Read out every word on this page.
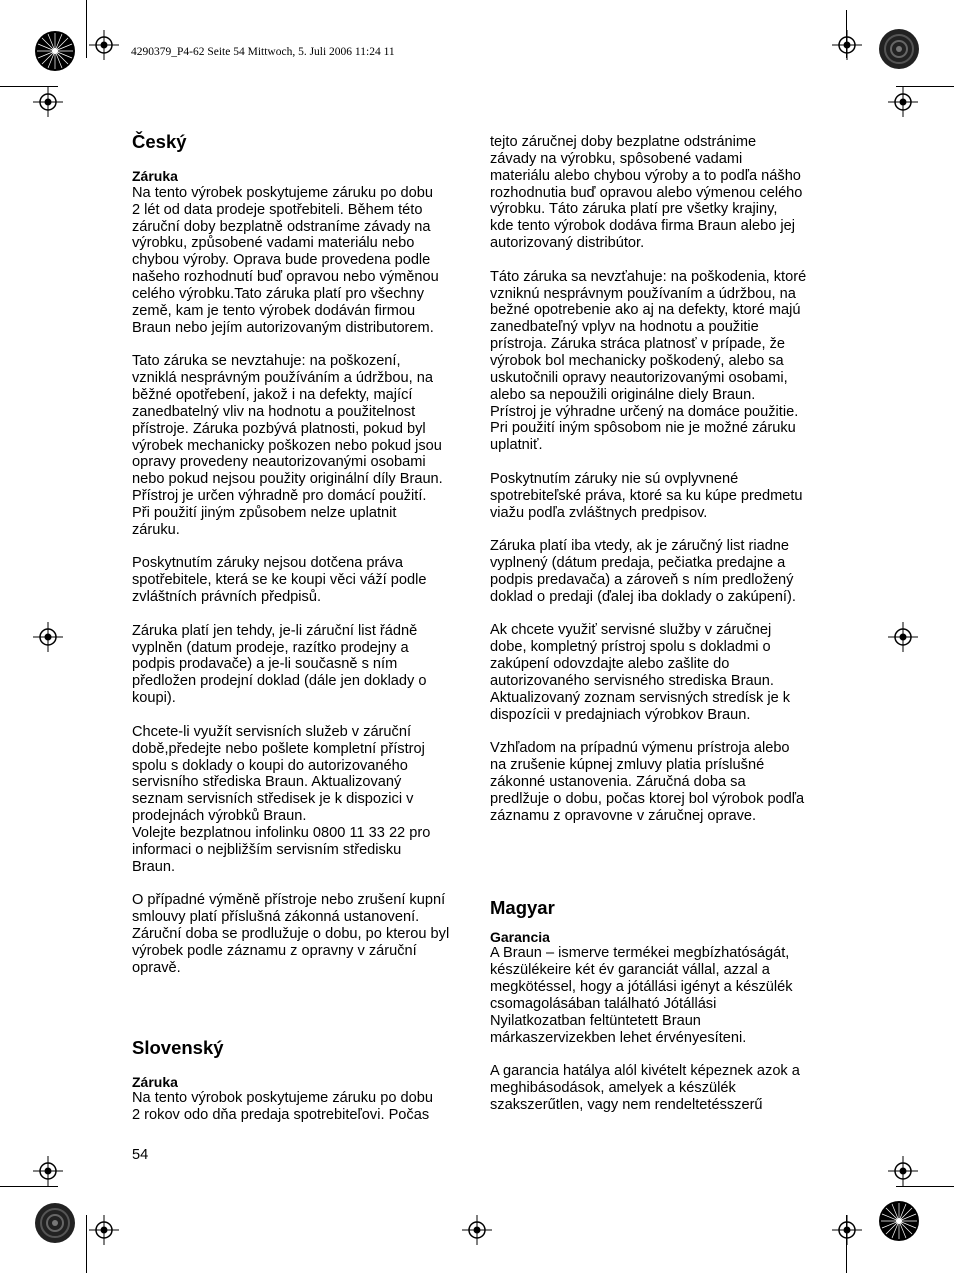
4290379_P4-62 Seite 54 Mittwoch, 5. Juli 2006 11:24 11
Český
Záruka
Na tento výrobek poskytujeme záruku po dobu
2 lét od data prodeje spotřebiteli. Během této
záruční doby bezplatně odstraníme závady na
výrobku, způsobené vadami materiálu nebo
chybou výroby. Oprava bude provedena podle
našeho rozhodnutí buď opravou nebo výměnou
celého výrobku.Tato záruka platí pro všechny
země, kam je tento výrobek dodáván firmou
Braun nebo jejím autorizovaným distributorem.
Tato záruka se nevztahuje: na poškození,
vzniklá nesprávným používáním a údržbou, na
běžné opotřebení, jakož i na defekty, mající
zanedbatelný vliv na hodnotu a použitelnost
přístroje. Záruka pozbývá platnosti, pokud byl
výrobek mechanicky poškozen nebo pokud jsou
opravy provedeny neautorizovanými osobami
nebo pokud nejsou použity originální díly Braun.
Přístroj je určen výhradně pro domácí použití.
Při použití jiným způsobem nelze uplatnit
záruku.
Poskytnutím záruky nejsou dotčena práva
spotřebitele, která se ke koupi věci váží podle
zvláštních právních předpisů.
Záruka platí jen tehdy, je-li záruční list řádně
vyplněn (datum prodeje, razítko prodejny a
podpis prodavače) a je-li současně s ním
předložen prodejní doklad (dále jen doklady o
koupi).
Chcete-li využít servisních služeb v záruční
době,předejte nebo pošlete kompletní přístroj
spolu s doklady o koupi do autorizovaného
servisního střediska Braun. Aktualizovaný
seznam servisních středisek je k dispozici v
prodejnách výrobků Braun.
Volejte bezplatnou infolinku 0800 11 33 22 pro
informaci o nejbližším servisním středisku
Braun.
O případné výměně přístroje nebo zrušení kupní
smlouvy platí příslušná zákonná ustanovení.
Záruční doba se prodlužuje o dobu, po kterou byl
výrobek podle záznamu z opravny v záruční
opravě.
Slovenský
Záruka
Na tento výrobok poskytujeme záruku po dobu
2 rokov odo dňa predaja spotrebiteľovi. Počas
tejto záručnej doby bezplatne odstránime
závady na výrobku, spôsobené vadami
materiálu alebo chybou výroby a to podľa nášho
rozhodnutia buď opravou alebo výmenou celého
výrobku. Táto záruka platí pre všetky krajiny,
kde tento výrobok dodáva firma Braun alebo jej
autorizovaný distribútor.
Táto záruka sa nevzťahuje: na poškodenia, ktoré
vzniknú nesprávnym používaním a údržbou, na
bežné opotrebenie ako aj na defekty, ktoré majú
zanedbateľný vplyv na hodnotu a použitie
prístroja. Záruka stráca platnosť v prípade, že
výrobok bol mechanicky poškodený, alebo sa
uskutočnili opravy neautorizovanými osobami,
alebo sa nepoužili originálne diely Braun.
Prístroj je výhradne určený na domáce použitie.
Pri použití iným spôsobom nie je možné záruku
uplatniť.
Poskytnutím záruky nie sú ovplyvnené
spotrebiteľské práva, ktoré sa ku kúpe predmetu
viažu podľa zvláštnych predpisov.
Záruka platí iba vtedy, ak je záručný list riadne
vyplnený (dátum predaja, pečiatka predajne a
podpis predavača) a zároveň s ním predložený
doklad o predaji (ďalej iba doklady o zakúpení).
Ak chcete využiť servisné služby v záručnej
dobe, kompletný prístroj spolu s dokladmi o
zakúpení odovzdajte alebo zašlite do
autorizovaného servisného strediska Braun.
Aktualizovaný zoznam servisných stredísk je k
dispozícii v predajniach výrobkov Braun.
Vzhľadom na prípadnú výmenu prístroja alebo
na zrušenie kúpnej zmluvy platia príslušné
zákonné ustanovenia. Záručná doba sa
predlžuje o dobu, počas ktorej bol výrobok podľa
záznamu z opravovne v záručnej oprave.
Magyar
Garancia
A Braun – ismerve termékei megbízhatóságát,
készülékeire két év garanciát vállal, azzal a
megkötéssel, hogy a jótállási igényt a készülék
csomagolásában található Jótállási
Nyilatkozatban feltüntetett Braun
márkaszervizekben lehet érvényesíteni.
A garancia hatálya alól kivételt képeznek azok a
meghibásodások, amelyek a készülék
szakszerűtlen, vagy nem rendeltetésszerű
54
